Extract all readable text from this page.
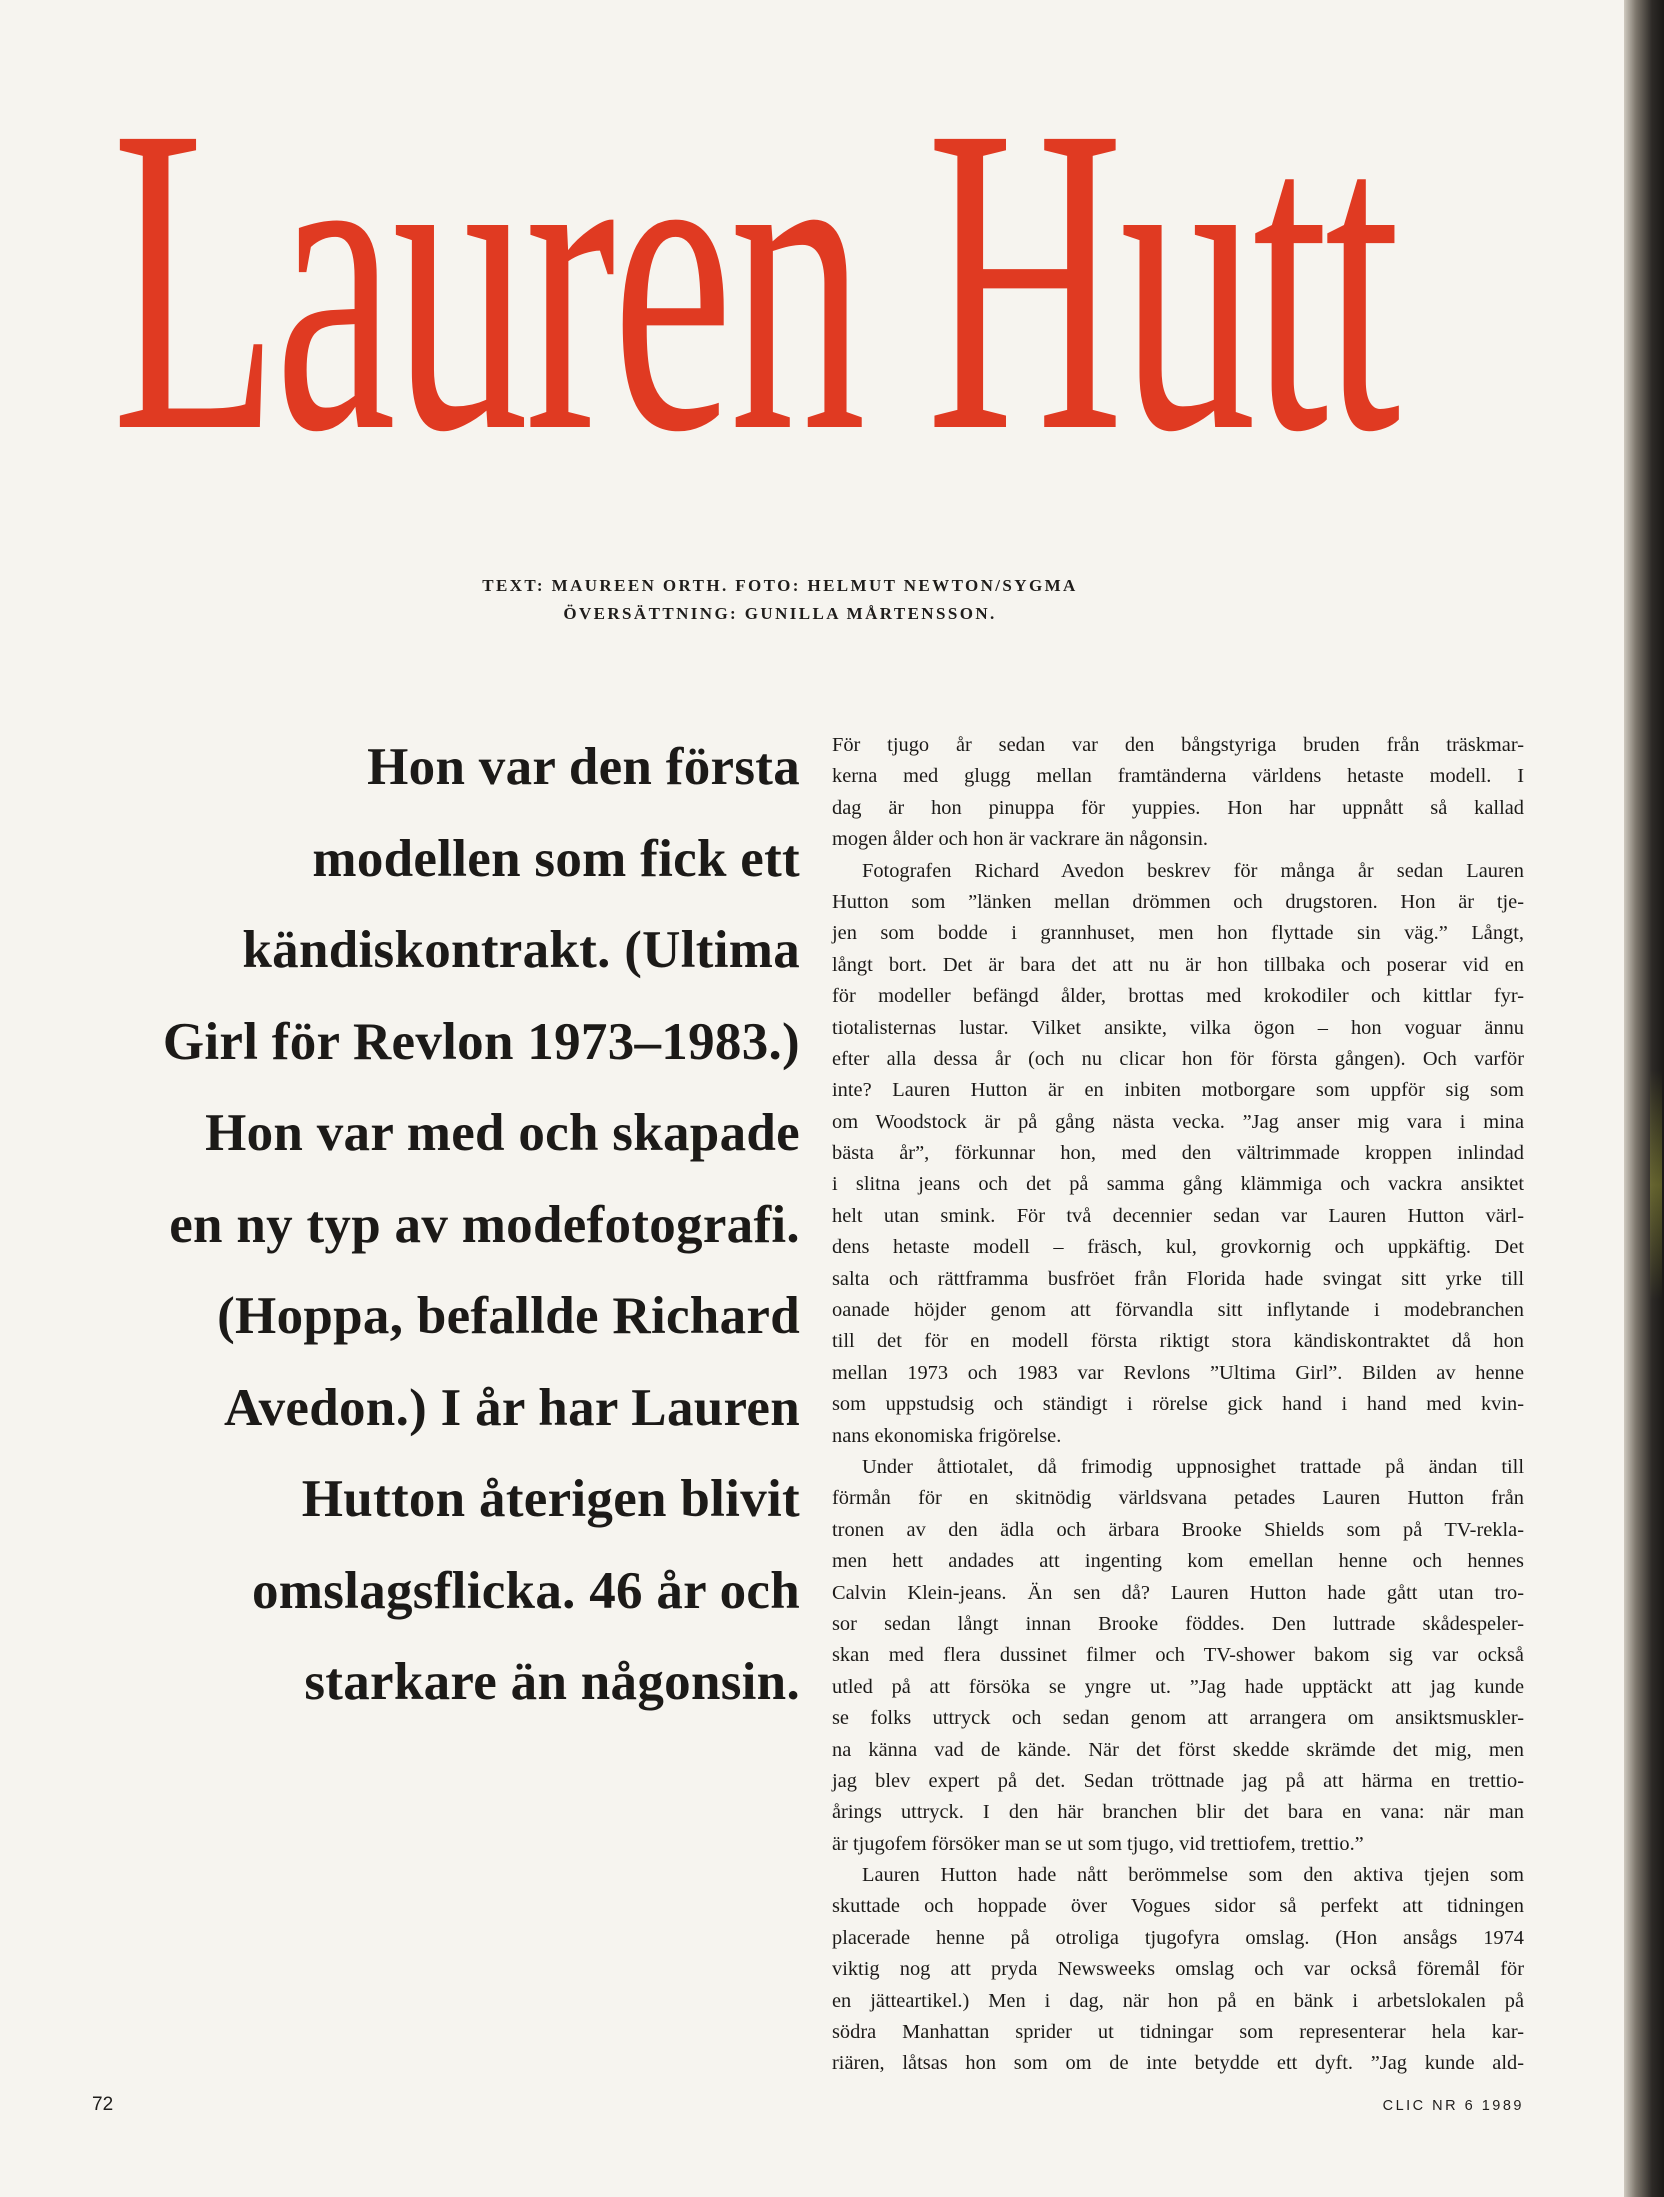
Lauren Hutt
TEXT: MAUREEN ORTH. FOTO: HELMUT NEWTON/SYGMA
ÖVERSÄTTNING: GUNILLA MÅRTENSSON.
Hon var den första
modellen som fick ett
kändiskontrakt. (Ultima
Girl för Revlon 1973–1983.)
Hon var med och skapade
en ny typ av modefotografi.
(Hoppa, befallde Richard
Avedon.) I år har Lauren
Hutton återigen blivit
omslagsflicka. 46 år och
starkare än någonsin.

För tjugo år sedan var den bångstyriga bruden från träskmar-

kerna med glugg mellan framtänderna världens hetaste modell. I

dag är hon pinuppa för yuppies. Hon har uppnått så kallad

mogen ålder och hon är vackrare än någonsin.

Fotografen Richard Avedon beskrev för många år sedan Lauren

Hutton som ”länken mellan drömmen och drugstoren. Hon är tje-

jen som bodde i grannhuset, men hon flyttade sin väg.” Långt,

långt bort. Det är bara det att nu är hon tillbaka och poserar vid en

för modeller befängd ålder, brottas med krokodiler och kittlar fyr-

tiotalisternas lustar. Vilket ansikte, vilka ögon – hon voguar ännu

efter alla dessa år (och nu clicar hon för första gången). Och varför

inte? Lauren Hutton är en inbiten motborgare som uppför sig som

om Woodstock är på gång nästa vecka. ”Jag anser mig vara i mina

bästa år”, förkunnar hon, med den vältrimmade kroppen inlindad

i slitna jeans och det på samma gång klämmiga och vackra ansiktet

helt utan smink. För två decennier sedan var Lauren Hutton värl-

dens hetaste modell – fräsch, kul, grovkornig och uppkäftig. Det

salta och rättframma busfröet från Florida hade svingat sitt yrke till

oanade höjder genom att förvandla sitt inflytande i modebranchen

till det för en modell första riktigt stora kändiskontraktet då hon

mellan 1973 och 1983 var Revlons ”Ultima Girl”. Bilden av henne

som uppstudsig och ständigt i rörelse gick hand i hand med kvin-

nans ekonomiska frigörelse.

Under åttiotalet, då frimodig uppnosighet trattade på ändan till

förmån för en skitnödig världsvana petades Lauren Hutton från

tronen av den ädla och ärbara Brooke Shields som på TV-rekla-

men hett andades att ingenting kom emellan henne och hennes

Calvin Klein-jeans. Än sen då? Lauren Hutton hade gått utan tro-

sor sedan långt innan Brooke föddes. Den luttrade skådespeler-

skan med flera dussinet filmer och TV-shower bakom sig var också

utled på att försöka se yngre ut. ”Jag hade upptäckt att jag kunde

se folks uttryck och sedan genom att arrangera om ansiktsmuskler-

na känna vad de kände. När det först skedde skrämde det mig, men

jag blev expert på det. Sedan tröttnade jag på att härma en trettio-

årings uttryck. I den här branchen blir det bara en vana: när man

är tjugofem försöker man se ut som tjugo, vid trettiofem, trettio.”

Lauren Hutton hade nått berömmelse som den aktiva tjejen som

skuttade och hoppade över Vogues sidor så perfekt att tidningen

placerade henne på otroliga tjugofyra omslag. (Hon ansågs 1974

viktig nog att pryda Newsweeks omslag och var också föremål för

en jätteartikel.) Men i dag, när hon på en bänk i arbetslokalen på

södra Manhattan sprider ut tidningar som representerar hela kar-

riären, låtsas hon som om de inte betydde ett dyft. ”Jag kunde ald-

72	CLIC NR 6 1989
